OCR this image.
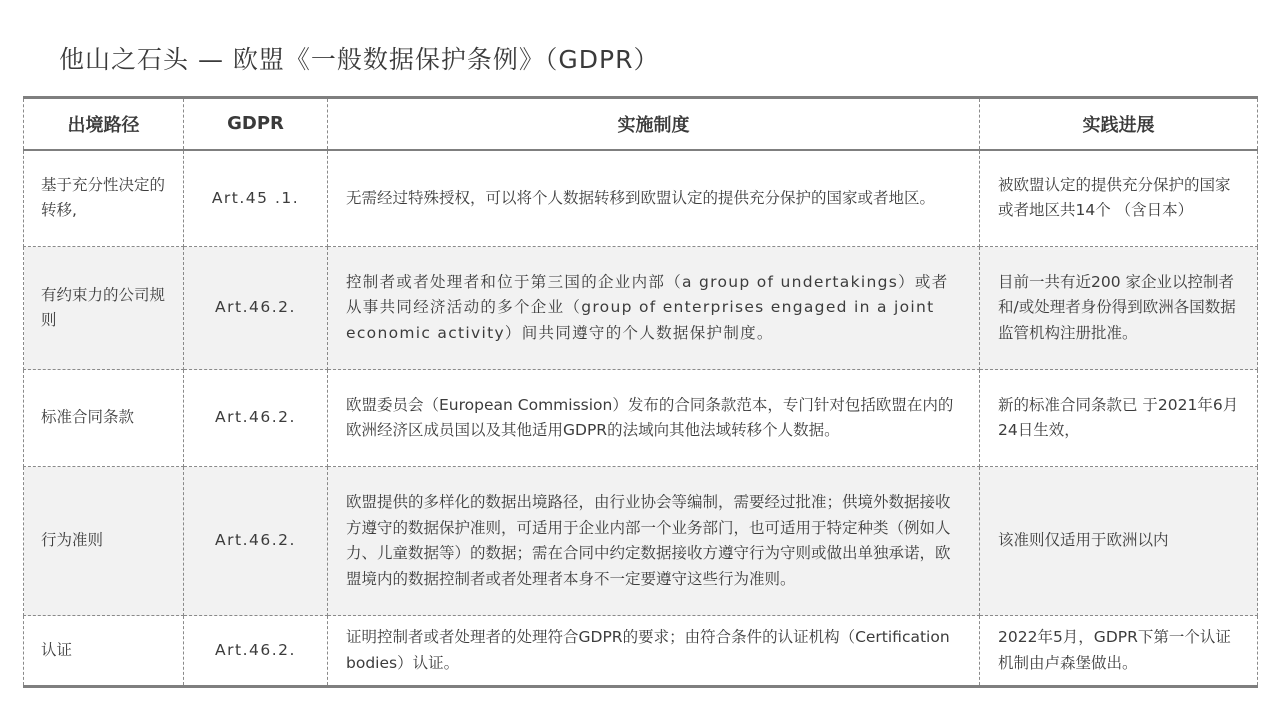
他山之石头 — 欧盟《一般数据保护条例》（GDPR）
出境路径	GDPR	实施制度	实践进展
基于充分性决定的转移,	Art.45 .1.	无需经过特殊授权，可以将个人数据转移到欧盟认定的提供充分保护的国家或者地区。	被欧盟认定的提供充分保护的国家或者地区共14个 （含日本）
有约束力的公司规则	Art.46.2.	控制者或者处理者和位于第三国的企业内部（a group of undertakings）或者从事共同经济活动的多个企业（group of enterprises engaged in a joint economic activity）间共同遵守的个人数据保护制度。	目前一共有近200 家企业以控制者和/或处理者身份得到欧洲各国数据监管机构注册批准。
标准合同条款	Art.46.2.	欧盟委员会（European Commission）发布的合同条款范本，专门针对包括欧盟在内的欧洲经济区成员国以及其他适用GDPR的法域向其他法域转移个人数据。	新的标准合同条款已 于2021年6月24日生效，
行为准则	Art.46.2.	欧盟提供的多样化的数据出境路径，由行业协会等编制，需要经过批准；供境外数据接收方遵守的数据保护准则，可适用于企业内部一个业务部门，也可适用于特定种类（例如人力、儿童数据等）的数据；需在合同中约定数据接收方遵守行为守则或做出单独承诺，欧盟境内的数据控制者或者处理者本身不一定要遵守这些行为准则。	该准则仅适用于欧洲以内
认证	Art.46.2.	证明控制者或者处理者的处理符合GDPR的要求；由符合条件的认证机构（Certification bodies）认证。	2022年5月，GDPR下第一个认证机制由卢森堡做出。
